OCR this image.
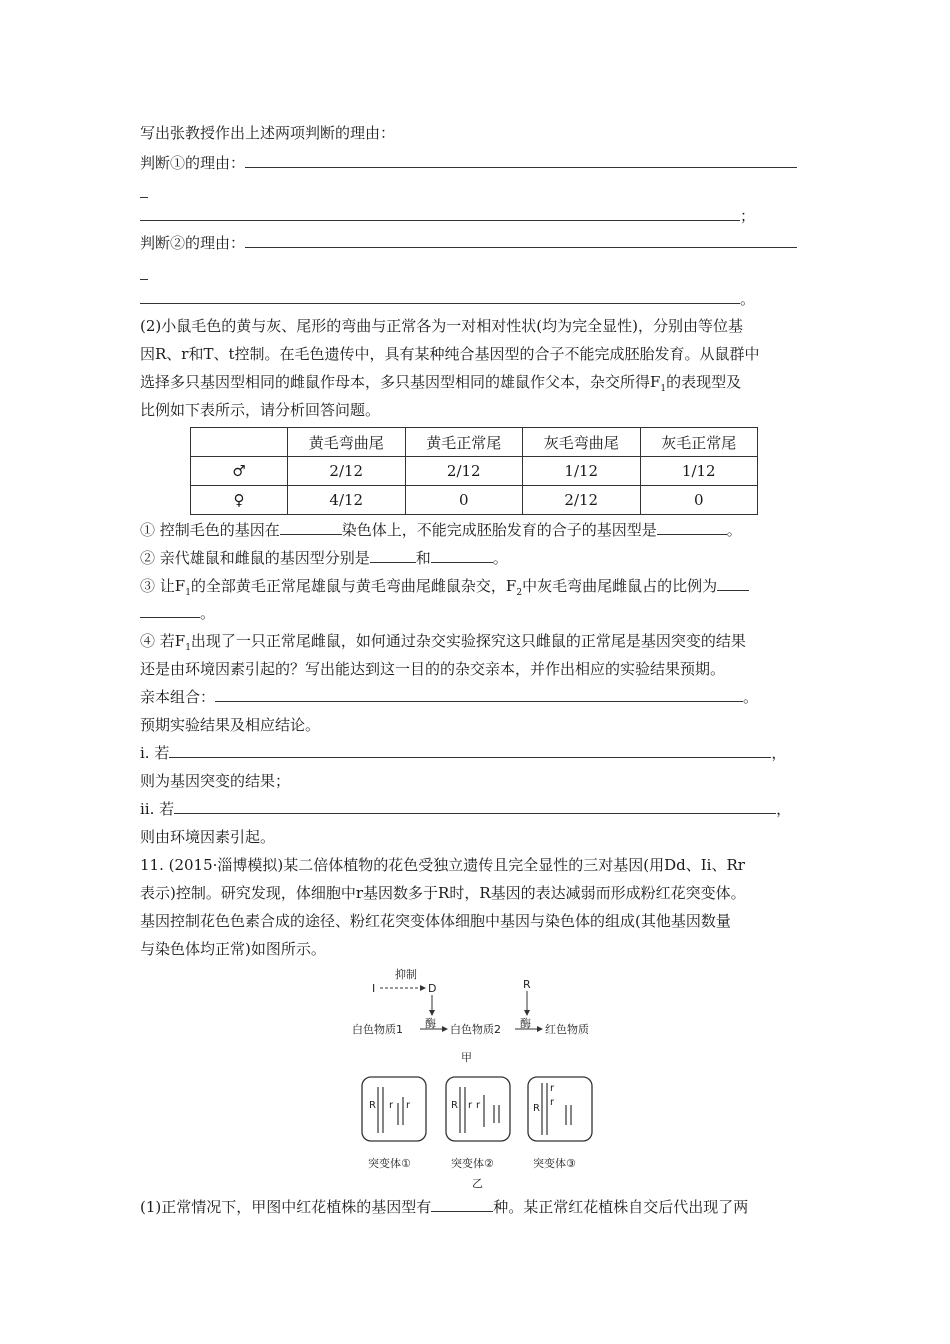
写出张教授作出上述两项判断的理由：
判断①的理由：
；
判断②的理由：
。
(2)小鼠毛色的黄与灰、尾形的弯曲与正常各为一对相对性状(均为完全显性)，分别由等位基
因R、r和T、t控制。在毛色遗传中，具有某种纯合基因型的合子不能完成胚胎发育。从鼠群中
选择多只基因型相同的雌鼠作母本，多只基因型相同的雄鼠作父本，杂交所得$F_1$的表现型及
比例如下表所示，请分析回答问题。
	黄毛弯曲尾	黄毛正常尾	灰毛弯曲尾	灰毛正常尾
♂	2/12	2/12	1/12	1/12
♀	4/12	0	2/12	0
① 控制毛色的基因在	染色体上，不能完成胚胎发育的合子的基因型是	。
② 亲代雄鼠和雌鼠的基因型分别是	和	。
③ 让$F_1$的全部黄毛正常尾雄鼠与黄毛弯曲尾雌鼠杂交，$F_2$中灰毛弯曲尾雌鼠占的比例为
。
④ 若$F_1$出现了一只正常尾雌鼠，如何通过杂交实验探究这只雌鼠的正常尾是基因突变的结果
还是由环境因素引起的？写出能达到这一目的的杂交亲本，并作出相应的实验结果预期。
亲本组合：	。
预期实验结果及相应结论。
ⅰ. 若	，
则为基因突变的结果；
ⅱ. 若	，
则由环境因素引起。
11. (2015·淄博模拟)某二倍体植物的花色受独立遗传且完全显性的三对基因(用Dd、Ii、Rr
表示)控制。研究发现，体细胞中r基因数多于R时，R基因的表达减弱而形成粉红花突变体。
基因控制花色色素合成的途径、粉红花突变体体细胞中基因与染色体的组成(其他基因数量
与染色体均正常)如图所示。
抑制
I	D	R
酶	酶
白色物质1	白色物质2	红色物质
甲
R r r	R r r	R
r
r
突变体①	突变体②	突变体③
乙
(1)正常情况下，甲图中红花植株的基因型有	种。某正常红花植株自交后代出现了两
